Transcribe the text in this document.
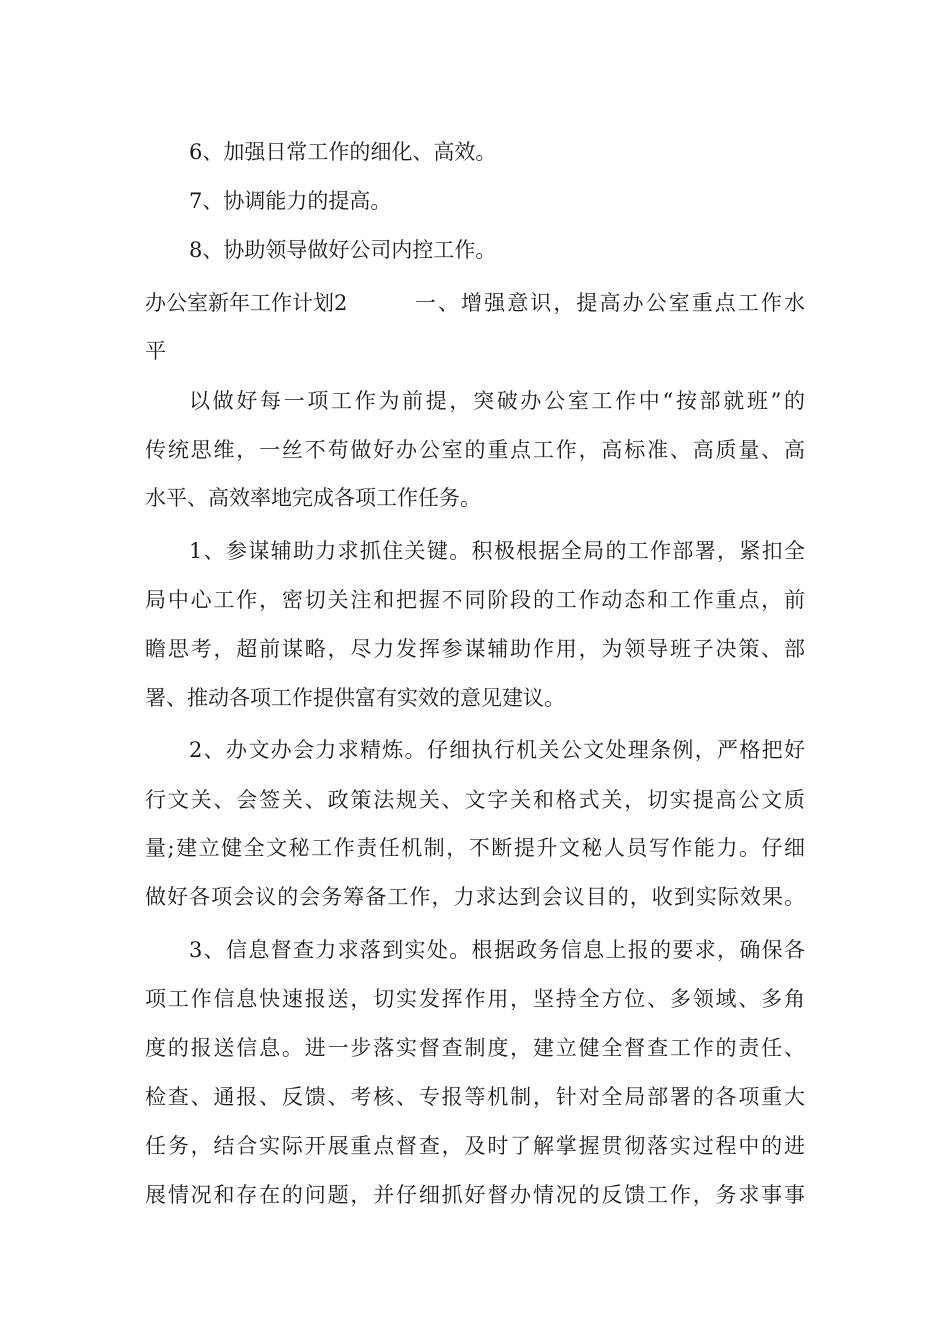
6、加强日常工作的细化、高效。
7、协调能力的提高。
8、协助领导做好公司内控工作。
办公室新年工作计划2	一、增强意识，提高办公室重点工作水
平
以做好每一项工作为前提，突破办公室工作中“按部就班”的
传统思维，一丝不苟做好办公室的重点工作，高标准、高质量、高
水平、高效率地完成各项工作任务。
1、参谋辅助力求抓住关键。积极根据全局的工作部署，紧扣全
局中心工作，密切关注和把握不同阶段的工作动态和工作重点，前
瞻思考，超前谋略，尽力发挥参谋辅助作用，为领导班子决策、部
署、推动各项工作提供富有实效的意见建议。
2、办文办会力求精炼。仔细执行机关公文处理条例，严格把好
行文关、会签关、政策法规关、文字关和格式关，切实提高公文质
量;建立健全文秘工作责任机制，不断提升文秘人员写作能力。仔细
做好各项会议的会务筹备工作，力求达到会议目的，收到实际效果。
3、信息督查力求落到实处。根据政务信息上报的要求，确保各
项工作信息快速报送，切实发挥作用，坚持全方位、多领域、多角
度的报送信息。进一步落实督查制度，建立健全督查工作的责任、
检查、通报、反馈、考核、专报等机制，针对全局部署的各项重大
任务，结合实际开展重点督查，及时了解掌握贯彻落实过程中的进
展情况和存在的问题，并仔细抓好督办情况的反馈工作，务求事事
